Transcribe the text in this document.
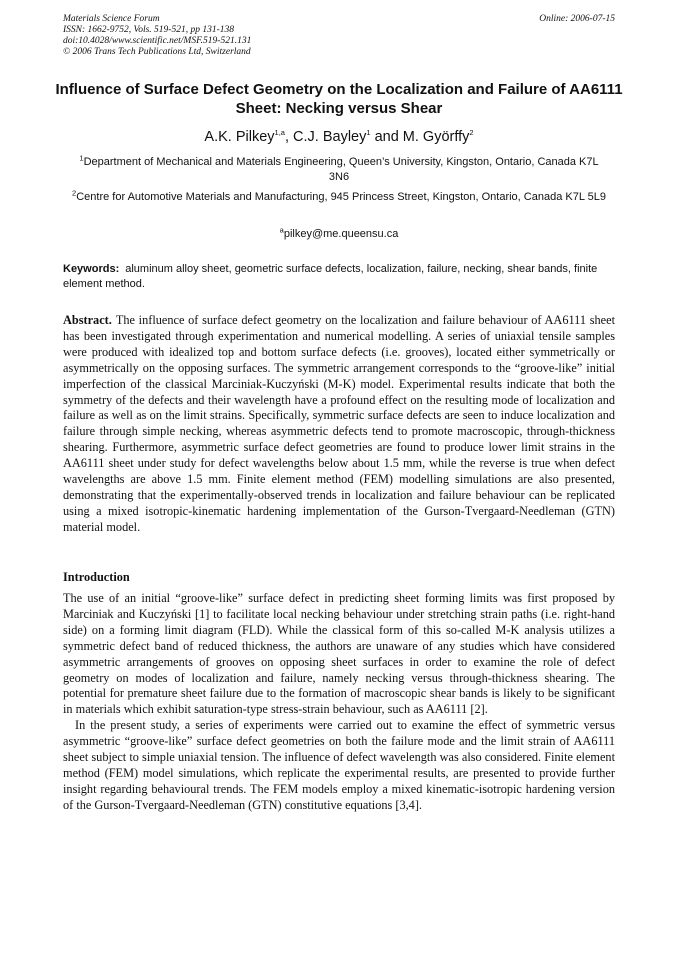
Materials Science Forum
ISSN: 1662-9752, Vols. 519-521, pp 131-138
doi:10.4028/www.scientific.net/MSF.519-521.131
© 2006 Trans Tech Publications Ltd, Switzerland
Online: 2006-07-15
Influence of Surface Defect Geometry on the Localization and Failure of AA6111 Sheet: Necking versus Shear
A.K. Pilkey$^{1,a}$, C.J. Bayley$^1$ and M. Györffy$^2$
$^1$Department of Mechanical and Materials Engineering, Queen’s University, Kingston, Ontario, Canada K7L 3N6
$^2$Centre for Automotive Materials and Manufacturing, 945 Princess Street, Kingston, Ontario, Canada K7L 5L9
$^a$pilkey@me.queensu.ca
Keywords: aluminum alloy sheet, geometric surface defects, localization, failure, necking, shear bands, finite element method.
Abstract. The influence of surface defect geometry on the localization and failure behaviour of AA6111 sheet has been investigated through experimentation and numerical modelling. A series of uniaxial tensile samples were produced with idealized top and bottom surface defects (i.e. grooves), located either symmetrically or asymmetrically on the opposing surfaces. The symmetric arrangement corresponds to the “groove-like” initial imperfection of the classical Marciniak-Kuczyński (M-K) model. Experimental results indicate that both the symmetry of the defects and their wavelength have a profound effect on the resulting mode of localization and failure as well as on the limit strains. Specifically, symmetric surface defects are seen to induce localization and failure through simple necking, whereas asymmetric defects tend to promote macroscopic, through-thickness shearing. Furthermore, asymmetric surface defect geometries are found to produce lower limit strains in the AA6111 sheet under study for defect wavelengths below about 1.5 mm, while the reverse is true when defect wavelengths are above 1.5 mm. Finite element method (FEM) modelling simulations are also presented, demonstrating that the experimentally-observed trends in localization and failure behaviour can be replicated using a mixed isotropic-kinematic hardening implementation of the Gurson-Tvergaard-Needleman (GTN) material model.
Introduction

The use of an initial “groove-like” surface defect in predicting sheet forming limits was first proposed by Marciniak and Kuczyński [1] to facilitate local necking behaviour under stretching strain paths (i.e. right-hand side) on a forming limit diagram (FLD). While the classical form of this so-called M-K analysis utilizes a symmetric defect band of reduced thickness, the authors are unaware of any studies which have considered asymmetric arrangements of grooves on opposing sheet surfaces in order to examine the role of defect geometry on modes of localization and failure, namely necking versus through-thickness shearing. The potential for premature sheet failure due to the formation of macroscopic shear bands is likely to be significant in materials which exhibit saturation-type stress-strain behaviour, such as AA6111 [2].

In the present study, a series of experiments were carried out to examine the effect of symmetric versus asymmetric “groove-like” surface defect geometries on both the failure mode and the limit strain of AA6111 sheet subject to simple uniaxial tension. The influence of defect wavelength was also considered. Finite element method (FEM) model simulations, which replicate the experimental results, are presented to provide further insight regarding behavioural trends. The FEM models employ a mixed kinematic-isotropic hardening version of the Gurson-Tvergaard-Needleman (GTN) constitutive equations [3,4].
